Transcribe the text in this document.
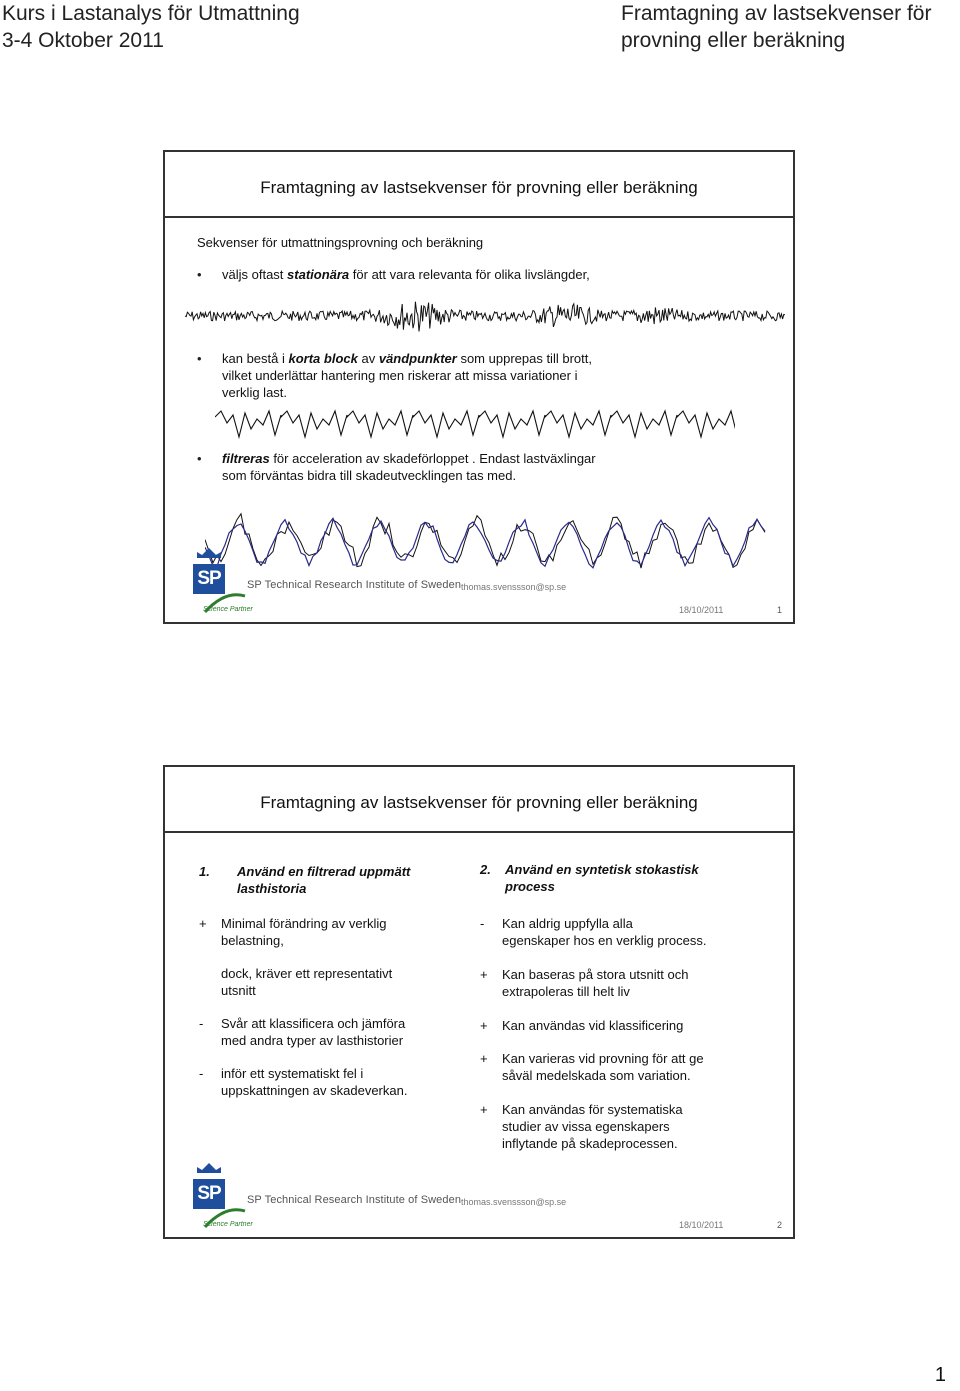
Kurs i Lastanalys för Utmattning
3-4 Oktober 2011
Framtagning av lastsekvenser för
provning eller beräkning
Framtagning av lastsekvenser för provning eller beräkning
Sekvenser för utmattningsprovning och beräkning
• väljs oftast stationära för att vara relevanta för olika livslängder,
• kan bestå i korta block av vändpunkter som upprepas till brott,
vilket underlättar hantering men riskerar att missa variationer i
verklig last.
• filtreras för acceleration av skadeförloppet . Endast lastväxlingar
som förväntas bidra till skadeutvecklingen tas med.
SP
Science Partner
SP Technical Research Institute of Sweden thomas.svenssson@sp.se
18/10/2011	1
Framtagning av lastsekvenser för provning eller beräkning
1. Använd en filtrerad uppmätt
lasthistoria
+ Minimal förändring av verklig
belastning,
dock, kräver ett representativt
utsnitt
- Svår att klassificera och jämföra
med andra typer av lasthistorier
- inför ett systematiskt fel i
uppskattningen av skadeverkan.
2. Använd en syntetisk stokastisk
process
- Kan aldrig uppfylla alla
egenskaper hos en verklig process.
+ Kan baseras på stora utsnitt och
extrapoleras till helt liv
+ Kan användas vid klassificering
+ Kan varieras vid provning för att ge
såväl medelskada som variation.
+ Kan användas för systematiska
studier av vissa egenskapers
inflytande på skadeprocessen.
SP
Science Partner
SP Technical Research Institute of Sweden thomas.svenssson@sp.se
18/10/2011	2
1
